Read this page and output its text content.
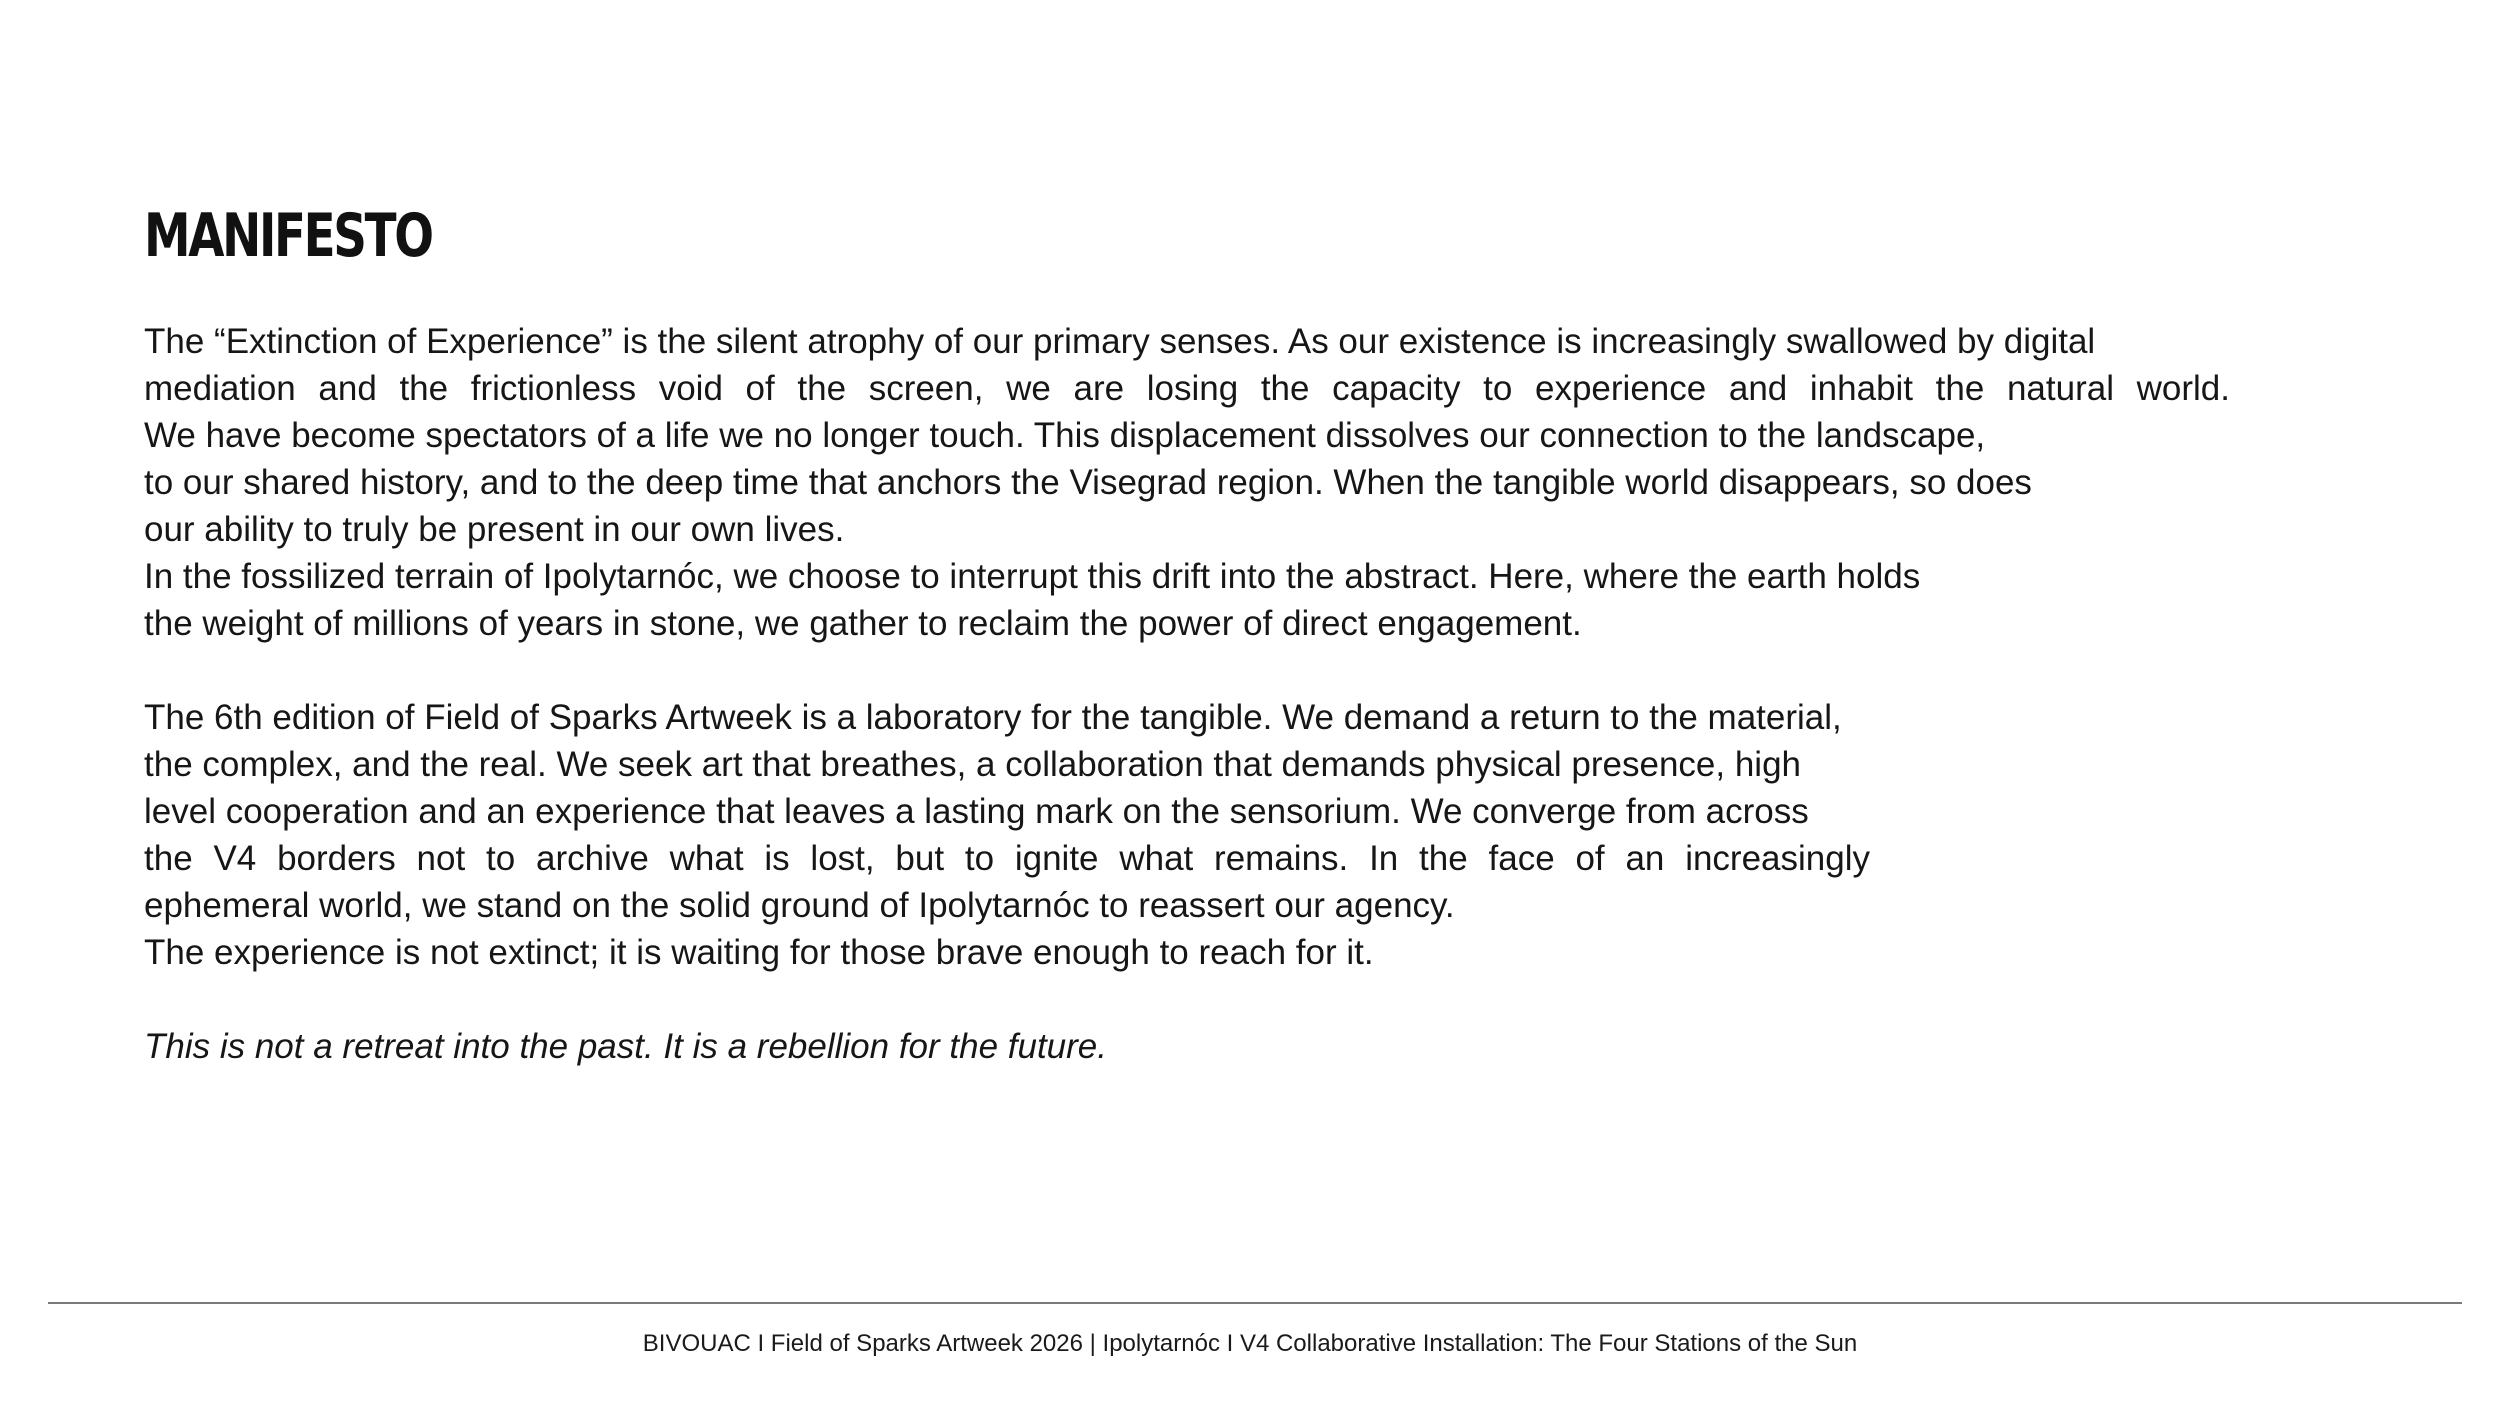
MANIFESTO
The “Extinction of Experience” is the silent atrophy of our primary senses. As our existence is increasingly swallowed by digital
mediation and the frictionless void of the screen, we are losing the capacity to experience and inhabit the natural world.
We have become spectators of a life we no longer touch. This displacement dissolves our connection to the landscape,
to our shared history, and to the deep time that anchors the Visegrad region. When the tangible world disappears, so does
our ability to truly be present in our own lives.
In the fossilized terrain of Ipolytarnóc, we choose to interrupt this drift into the abstract. Here, where the earth holds
the weight of millions of years in stone, we gather to reclaim the power of direct engagement.
The 6th edition of Field of Sparks Artweek is a laboratory for the tangible. We demand a return to the material,
the complex, and the real. We seek art that breathes, a collaboration that demands physical presence, high
level cooperation and an experience that leaves a lasting mark on the sensorium. We converge from across
the V4 borders not to archive what is lost, but to ignite what remains. In the face of an increasingly
ephemeral world, we stand on the solid ground of Ipolytarnóc to reassert our agency.
The experience is not extinct; it is waiting for those brave enough to reach for it.
This is not a retreat into the past. It is a rebellion for the future.
BIVOUAC I Field of Sparks Artweek 2026 | Ipolytarnóc I V4 Collaborative Installation: The Four Stations of the Sun
